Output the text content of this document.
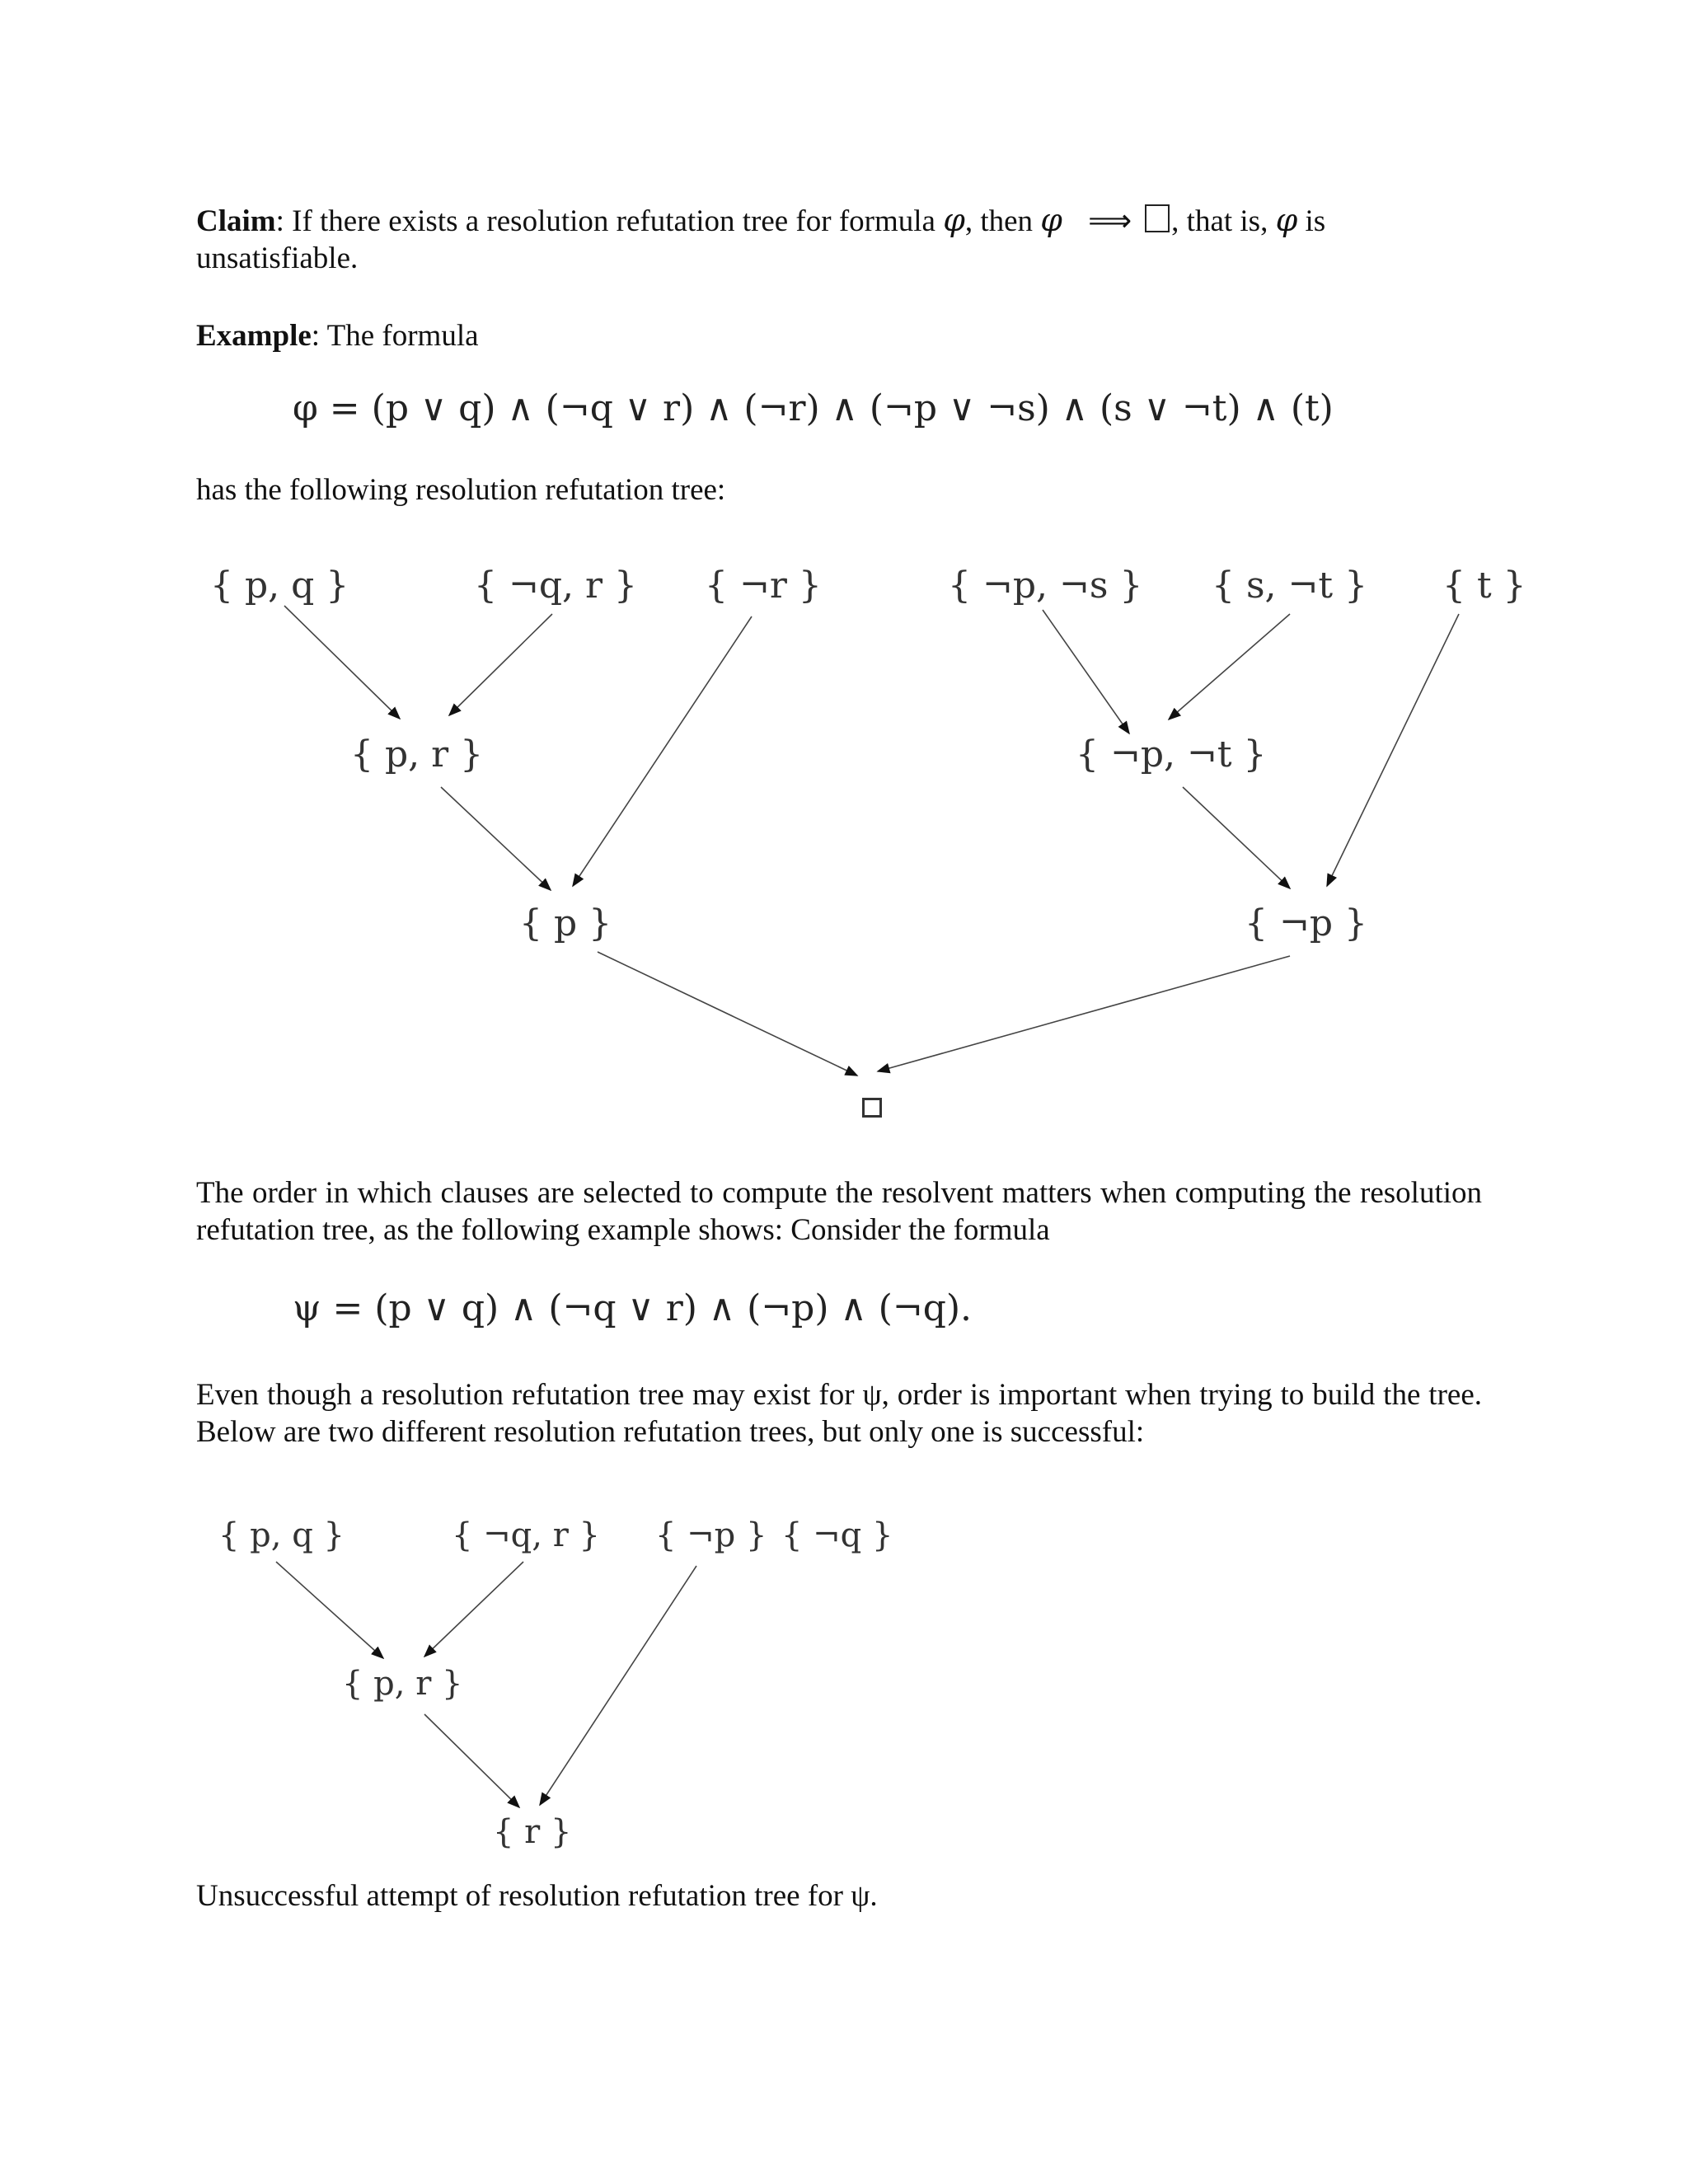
Claim: If there exists a resolution refutation tree for formula φ, then φ ⟹ , that is, φ is unsatisfiable.
Example: The formula
φ = (p ∨ q) ∧ (¬q ∨ r) ∧ (¬r) ∧ (¬p ∨ ¬s) ∧ (s ∨ ¬t) ∧ (t)
has the following resolution refutation tree:
{ p, q }	{ ¬q, r } { ¬r }	{ ¬p, ¬s } { s, ¬t } { t }
{ p, r }	{ ¬p, ¬t }
{ p }	{ ¬p }
The order in which clauses are selected to compute the resolvent matters when computing the resolution refutation tree, as the following example shows: Consider the formula
ψ = (p ∨ q) ∧ (¬q ∨ r) ∧ (¬p) ∧ (¬q).
Even though a resolution refutation tree may exist for ψ, order is important when trying to build the tree. Below are two different resolution refutation trees, but only one is successful:
{ p, q }	{ ¬q, r } { ¬p } { ¬q }
{ p, r }
{ r }
Unsuccessful attempt of resolution refutation tree for ψ.
